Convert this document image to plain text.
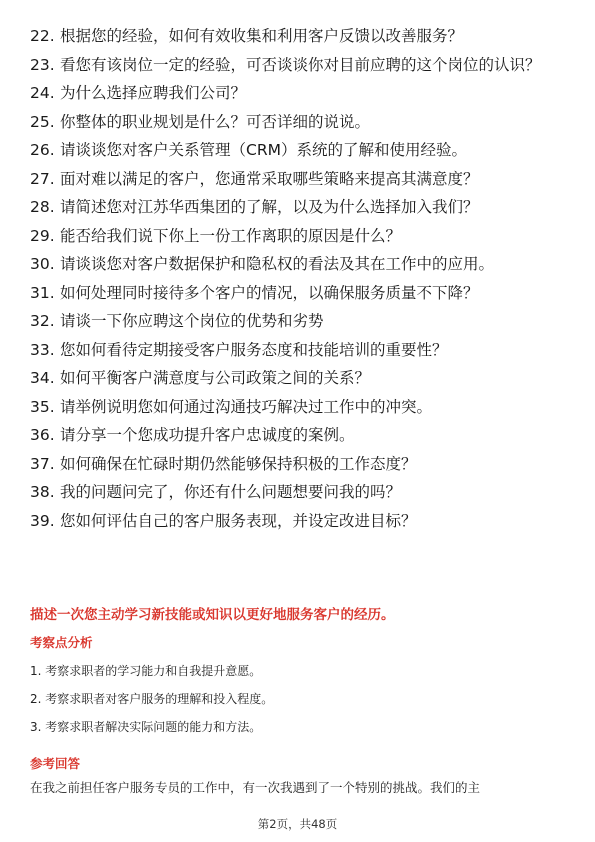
22. 根据您的经验，如何有效收集和利用客户反馈以改善服务？
23. 看您有该岗位一定的经验，可否谈谈你对目前应聘的这个岗位的认识？
24. 为什么选择应聘我们公司？
25. 你整体的职业规划是什么？可否详细的说说。
26. 请谈谈您对客户关系管理（CRM）系统的了解和使用经验。
27. 面对难以满足的客户，您通常采取哪些策略来提高其满意度？
28. 请简述您对江苏华西集团的了解，以及为什么选择加入我们？
29. 能否给我们说下你上一份工作离职的原因是什么？
30. 请谈谈您对客户数据保护和隐私权的看法及其在工作中的应用。
31. 如何处理同时接待多个客户的情况，以确保服务质量不下降？
32. 请谈一下你应聘这个岗位的优势和劣势
33. 您如何看待定期接受客户服务态度和技能培训的重要性？
34. 如何平衡客户满意度与公司政策之间的关系？
35. 请举例说明您如何通过沟通技巧解决过工作中的冲突。
36. 请分享一个您成功提升客户忠诚度的案例。
37. 如何确保在忙碌时期仍然能够保持积极的工作态度？
38. 我的问题问完了，你还有什么问题想要问我的吗？
39. 您如何评估自己的客户服务表现，并设定改进目标？
描述一次您主动学习新技能或知识以更好地服务客户的经历。
考察点分析
1. 考察求职者的学习能力和自我提升意愿。
2. 考察求职者对客户服务的理解和投入程度。
3. 考察求职者解决实际问题的能力和方法。
参考回答
在我之前担任客户服务专员的工作中，有一次我遇到了一个特别的挑战。我们的主
第2页，共48页
